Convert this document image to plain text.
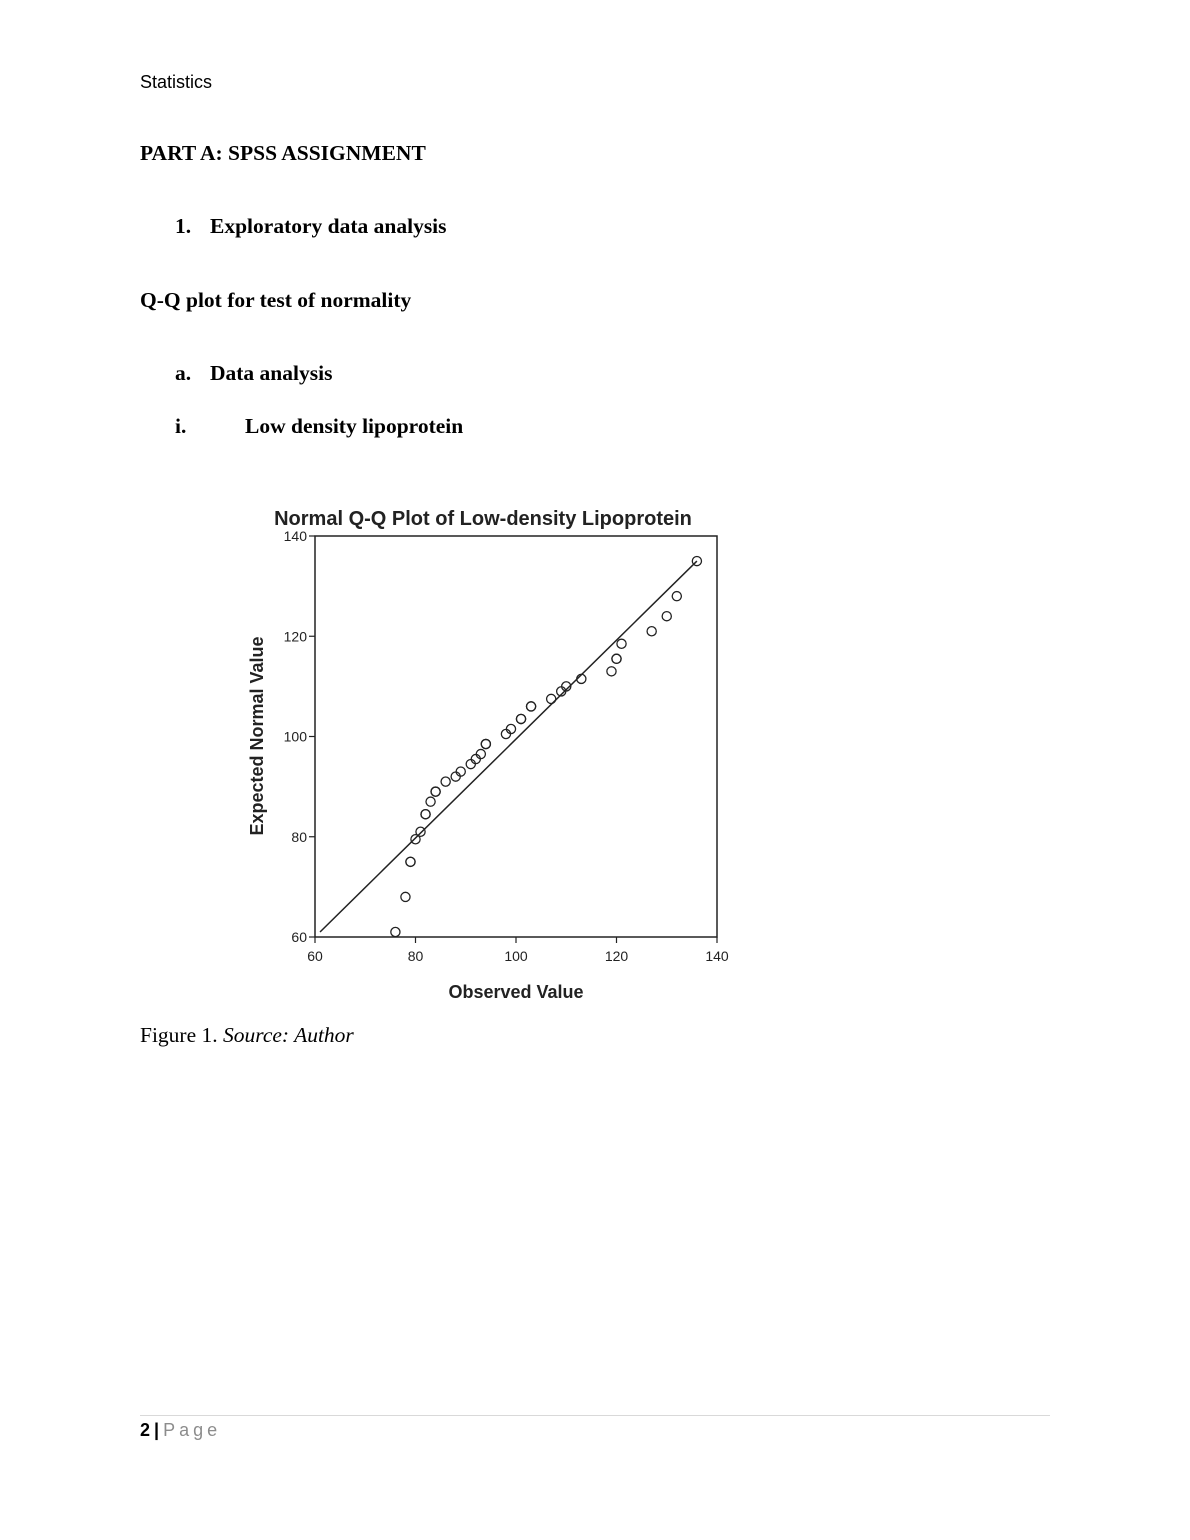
Statistics
PART A: SPSS ASSIGNMENT
1. Exploratory data analysis
Q-Q plot for test of normality
a. Data analysis
i.	Low density lipoprotein
Normal Q-Q Plot of Low-density Lipoprotein
60	80	100	120	140
60
80
100
120
140
Observed Value
Expected Normal Value
Figure 1. Source: Author
2 | Page
